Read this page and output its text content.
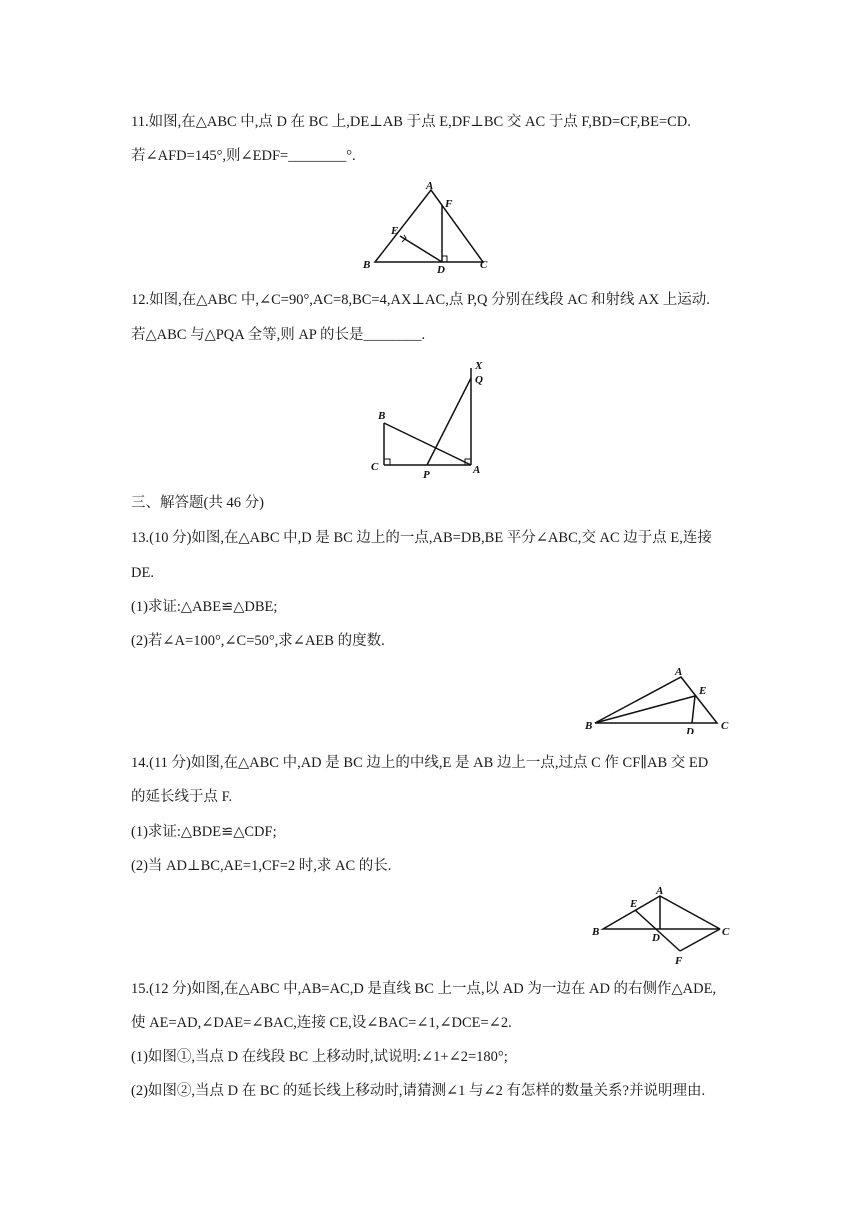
11.如图,在△ABC 中,点 D 在 BC 上,DE⊥AB 于点 E,DF⊥BC 交 AC 于点 F,BD=CF,BE=CD.
若∠AFD=145°,则∠EDF=________°.
A
F
E
B	D	C
12.如图,在△ABC 中,∠C=90°,AC=8,BC=4,AX⊥AC,点 P,Q 分别在线段 AC 和射线 AX 上运动.
若△ABC 与△PQA 全等,则 AP 的长是________.
X
Q
B
C
P	A
三、解答题(共 46 分)
13.(10 分)如图,在△ABC 中,D 是 BC 边上的一点,AB=DB,BE 平分∠ABC,交 AC 边于点 E,连接
DE.
(1)求证:△ABE≌△DBE;
(2)若∠A=100°,∠C=50°,求∠AEB 的度数.
A
E
B	D C
14.(11 分)如图,在△ABC 中,AD 是 BC 边上的中线,E 是 AB 边上一点,过点 C 作 CF∥AB 交 ED
的延长线于点 F.
(1)求证:△BDE≌△CDF;
(2)当 AD⊥BC,AE=1,CF=2 时,求 AC 的长.
A
E
B	D	C
F
15.(12 分)如图,在△ABC 中,AB=AC,D 是直线 BC 上一点,以 AD 为一边在 AD 的右侧作△ADE,
使 AE=AD,∠DAE=∠BAC,连接 CE,设∠BAC=∠1,∠DCE=∠2.
(1)如图①,当点 D 在线段 BC 上移动时,试说明:∠1+∠2=180°;
(2)如图②,当点 D 在 BC 的延长线上移动时,请猜测∠1 与∠2 有怎样的数量关系?并说明理由.
